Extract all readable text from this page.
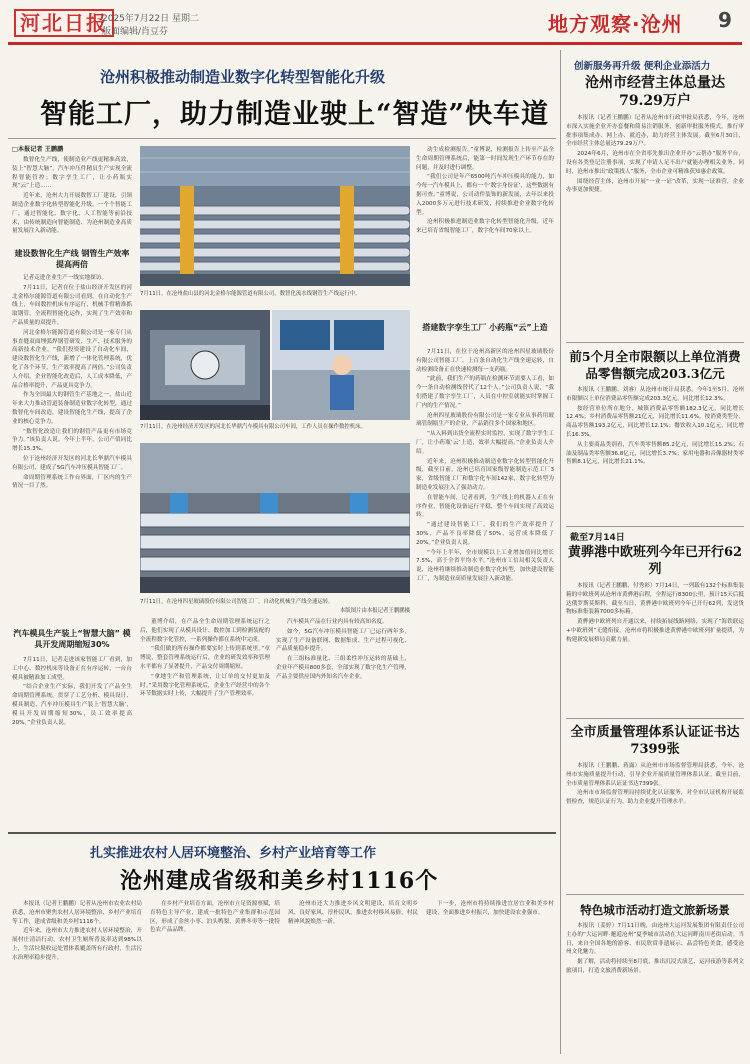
河北日报
2025年7月22日 星期二
版面编辑/肖豆芬	地方观察·沧州 9
沧州积极推动制造业数字化转型智能化升级
智能工厂，助力制造业驶上“智造”快车道
□本报记者 王鹏鹏

数智化生产线，使制造业产线更精准高效，装上“智慧大脑”，汽车冲压件精员生产实现全流程智能管控；数字孪生工厂，让小药瓶实现“云”上造……

近年来，沧州大力开展数智工厂建设，引领制造企业数字化转型智能化升级。一个个智能工厂，通过智能化、数字化、人工智能等前沿技术，由传统制造向智能制造、为沧州制造业高质量发展注入新动能。

建设数智化生产线 钢管生产效率提高两倍

记者走进企业生产一线实地探访。

7月11日，记者在位于盐山经济开发区的河北金格尔能源管道有限公司看到，在自动化生产线上，车间数控机床有序运行，机械手臂精准抓取钢管，全流程智能化运作，实现了生产效率和产品质量的双提升。

河北金格尔能源管道有限公司是一家专门从事直缝双面埋弧焊钢管研发、生产、技术服务的高新技术企业。“我们投资建设了自动化车间，建设数智化生产线，新增了一体化管理系统，优化了各个环节，生产效率提高了两倍。”公司负责人介绍，企业智能化改造后，人工成本降低，产品合格率提升，产品更具竞争力。

作为全国最大的钢管生产基地之一，盐山近年来大力推动管道装备制造业数字化转型，通过数智化车间改造，建设智能化生产线，提高了企业的核心竞争力。

“数智化改造让我们的钢管产品更有市场竞争力。”该负责人说。今年上半年，公司产值同比增长15.3%。

位于沧州经济开发区的河北长华鼎汽车模具有限公司，建成了5G汽车冲压模具智能工厂。

命周期管理系统工作台界面，厂区内的生产情况一目了然。

汽车模具生产装上“智慧大脑” 模具开发周期缩短30%

7月11日，记者走进该家智能工厂看到，加工中心、数控机床等设备正在有序运转，一台台模具被精准加工成型。

“结合企业生产实际，我们开发了产品全生命周期管理系统，贯穿了工艺分析、模具设计、模具制造、汽车冲压模具生产装上‘智慧大脑’，模具开发周期缩短30%，员工效率提高20%。”企业负责人说。

7月11日，在沧州盐山县的河北金格尔能源管道有限公司，数智化流水线钢管生产线运行中。
7月11日，在沧州经济开发区的河北长华鼎汽车模具有限公司车间，工作人员在操作数控机床。
7月11日，在沧州四星玻璃股份有限公司智能工厂，自动化机械生产线全速运转。
本版图片由本报记者王鹏鹏摄

董博介绍，在产品全生命周期管理系统运行之后，他们实现了从模具设计、数控加工到检测装配的全流程数字化管控，一系列操作都在系统中完成。

“我们做的所有操作都要实时上传到系统里。”章博说，整套管理系统运行后，企业的研发效率和管理水平都有了显著提升，产品交付周期缩短。

“拿地生产和管理系统，让订单的交付更加及时。”采用数字化管理系统后，企业生产经营中的各个环节数据实时上传，大幅提升了生产管理效率。

汽车模具产品在行业内具有较高知名度。

如今，5G汽车冲压模具智能工厂已运行两年多，实现了生产设备联网、数据集成、生产过程可视化，产品质量稳步提升。

在三组标准量化、三组柔性冲压运转的基础上，企业年产模具800多套，全部实现了数字化生产管理，产品主要供应国内外知名汽车企业。

动生成检测报告。”童博说，检测报告上传至产品全生命周期管理系统后，能第一时间发现生产环节存在的问题，并及时进行调整。

“我们公司是年产6500吨汽车冲压模具的能力，如今每一汽车模具上，都有一个‘数字身份证’，这些数据有据可查。”童博说，公司动件装饰的新发展，去年以来投入2000多万元进行技术研发，持续推进企业数字化转型。

沧州积极推进制造业数字化转型智能化升级，近年来已培育省级智能工厂，数字化车间70家以上。

搭建数字孪生工厂 小药瓶“云”上造

7月11日，在位于沧州高新区的沧州四星玻璃股份有限公司智能工厂，上百条自动化生产线全速运转，自动检测设备正在快速检测每一支药瓶。

“此前，我们生产的药瓶在检测环节需要人工看，如今一条自动检测线替代了12个人。”公司负责人说，“我们搭建了数字孪生工厂，人员在中控室就能实时掌握工厂内的生产情况。”

沧州四星玻璃股份有限公司是一家专业从事药用玻璃管制瓶生产的企业，产品销往多个国家和地区。

“从入料到出货全流程实时监控，实现了数字孪生工厂，让小药瓶‘云’上造，效率大幅提高。”企业负责人介绍。

近年来，沧州积极推动制造业数字化转型智能化升级，截至目前，沧州已培育国家级智能制造示范工厂3家，省级智能工厂和数字化车间142家，数字化转型为制造业发展注入了强劲动力。

在智能车间，记者看到，生产线上的机器人正在有序作业，智能化设备运行平稳，整个车间实现了高效运转。

“通过建设智能工厂，我们的生产效率提升了30%，产品不良率降低了50%，运营成本降低了20%。”企业负责人说。

“今年上半年，全市规模以上工业增加值同比增长7.5%，高于全省平均水平。”沧州市工信局相关负责人说，沧州将继续推动制造业数字化转型，加快建设智能工厂，为制造业高质量发展注入新动能。

创新服务再升级 便利企业添活力
沧州市经营主体总量达79.29万户

本报讯（记者王鹏鹏）记者从沧州市行政审批局获悉，今年，沧州市深入实施企业开办套餐和简易注销服务，创新审批服务模式，推行审批事项集成办、网上办、就近办，助力经营主体发展。截至6月30日，全市经营主体总量达79.29万户。

2024年6月，沧州市在全省率先推出企业开办“云帮办”服务平台，设有各类登记注册事项，实现了申请人足不出户就能办理相关业务。同时，沧州市推出“政策找人”服务，全市企业可精准获知惠企政策。

围绕经营主体，沧州市开展“一业一证”改革，实现一证准营，企业办事更加便捷。

前5个月全市限额以上单位消费品零售额完成203.3亿元

本报讯（王鹏鹏、刘睿）从沧州市统计局获悉，今年1至5月，沧州市限额以上单位消费品零售额完成203.3亿元，同比增长12.3%。

按经营单位所在地分，城镇消费品零售额182.3亿元，同比增长12.4%；乡村消费品零售额21亿元，同比增长11.6%。按消费类型分，商品零售额193.2亿元，同比增长12.1%；餐饮收入10.1亿元，同比增长16.3%。

从主要商品类别看，汽车类零售额85.2亿元，同比增长15.2%；石油及制品类零售额36.8亿元，同比增长3.7%；家用电器和音像器材类零售额8.1亿元，同比增长21.1%。

截至7月14日
黄骅港中欧班列今年已开行62列

本报讯（记者王鹏鹏、付秀彩）7月14日，一列载有132个标准集装箱的中欧班列从沧州市黄骅港启程，全程运行8300公里，预计15天后抵达俄罗斯莫斯科。截至当日，黄骅港中欧班列今年已开行62列，发送货物标准集装箱7000多标箱。

黄骅港中欧班列自开通以来，持续拓展线路网络，实现了“海铁联运+中欧班列”无缝衔接，沧州市将积极推进黄骅港中欧班列扩量提质，为构建新发展格局贡献力量。

全市质量管理体系认证证书达7399张

本报讯（王鹏鹏、蒋露）从沧州市市场监督管理局获悉，今年，沧州市实施质量提升行动，引导企业开展质量管理体系认证。截至目前，全市质量管理体系认证证书达7399张。

沧州市市场监督管理局持续优化认证服务，对全市认证机构开展监督检查，规范认证行为，助力企业提升管理水平。

特色城市活动打造文旅新场景

本报讯（姜婷）7月11日晚，由沧州大运河发展集团有限责任公司主办的“大运河畔·邂逅沧州”夏季城市活动在大运河畔南川老街启动。当日，来自全国各地的游客、市民欣赏非遗展示、品尝特色美食，感受沧州文化魅力。

据了解，活动将持续至8月底，推出沉浸式演艺、运河夜游等系列文旅项目，打造文旅消费新场景。

扎实推进农村人居环境整治、乡村产业培育等工作
沧州建成省级和美乡村1116个

本报讯（记者王鹏鹏）记者从沧州市农业农村局获悉，沧州市聚焦农村人居环境整治、乡村产业培育等工作，建成省级和美乡村1116个。

近年来，沧州市大力推进农村人居环境整治，开展村庄清洁行动，农村卫生厕所普及率达到98%以上，生活垃圾收运处置体系覆盖所有行政村，生活污水治理率稳步提升。

在乡村产业培育方面，沧州市立足资源禀赋，培育特色主导产业，建成一批特色产业集群和示范园区，形成了金丝小枣、泊头鸭梨、黄骅冬枣等一批特色农产品品牌。

沧州市还大力推进乡风文明建设，培育文明乡风、良好家风、淳朴民风，推进农村移风易俗，村民精神风貌焕然一新。

下一步，沧州市将持续推进宜居宜业和美乡村建设，全面推进乡村振兴，加快建设农业强市。
